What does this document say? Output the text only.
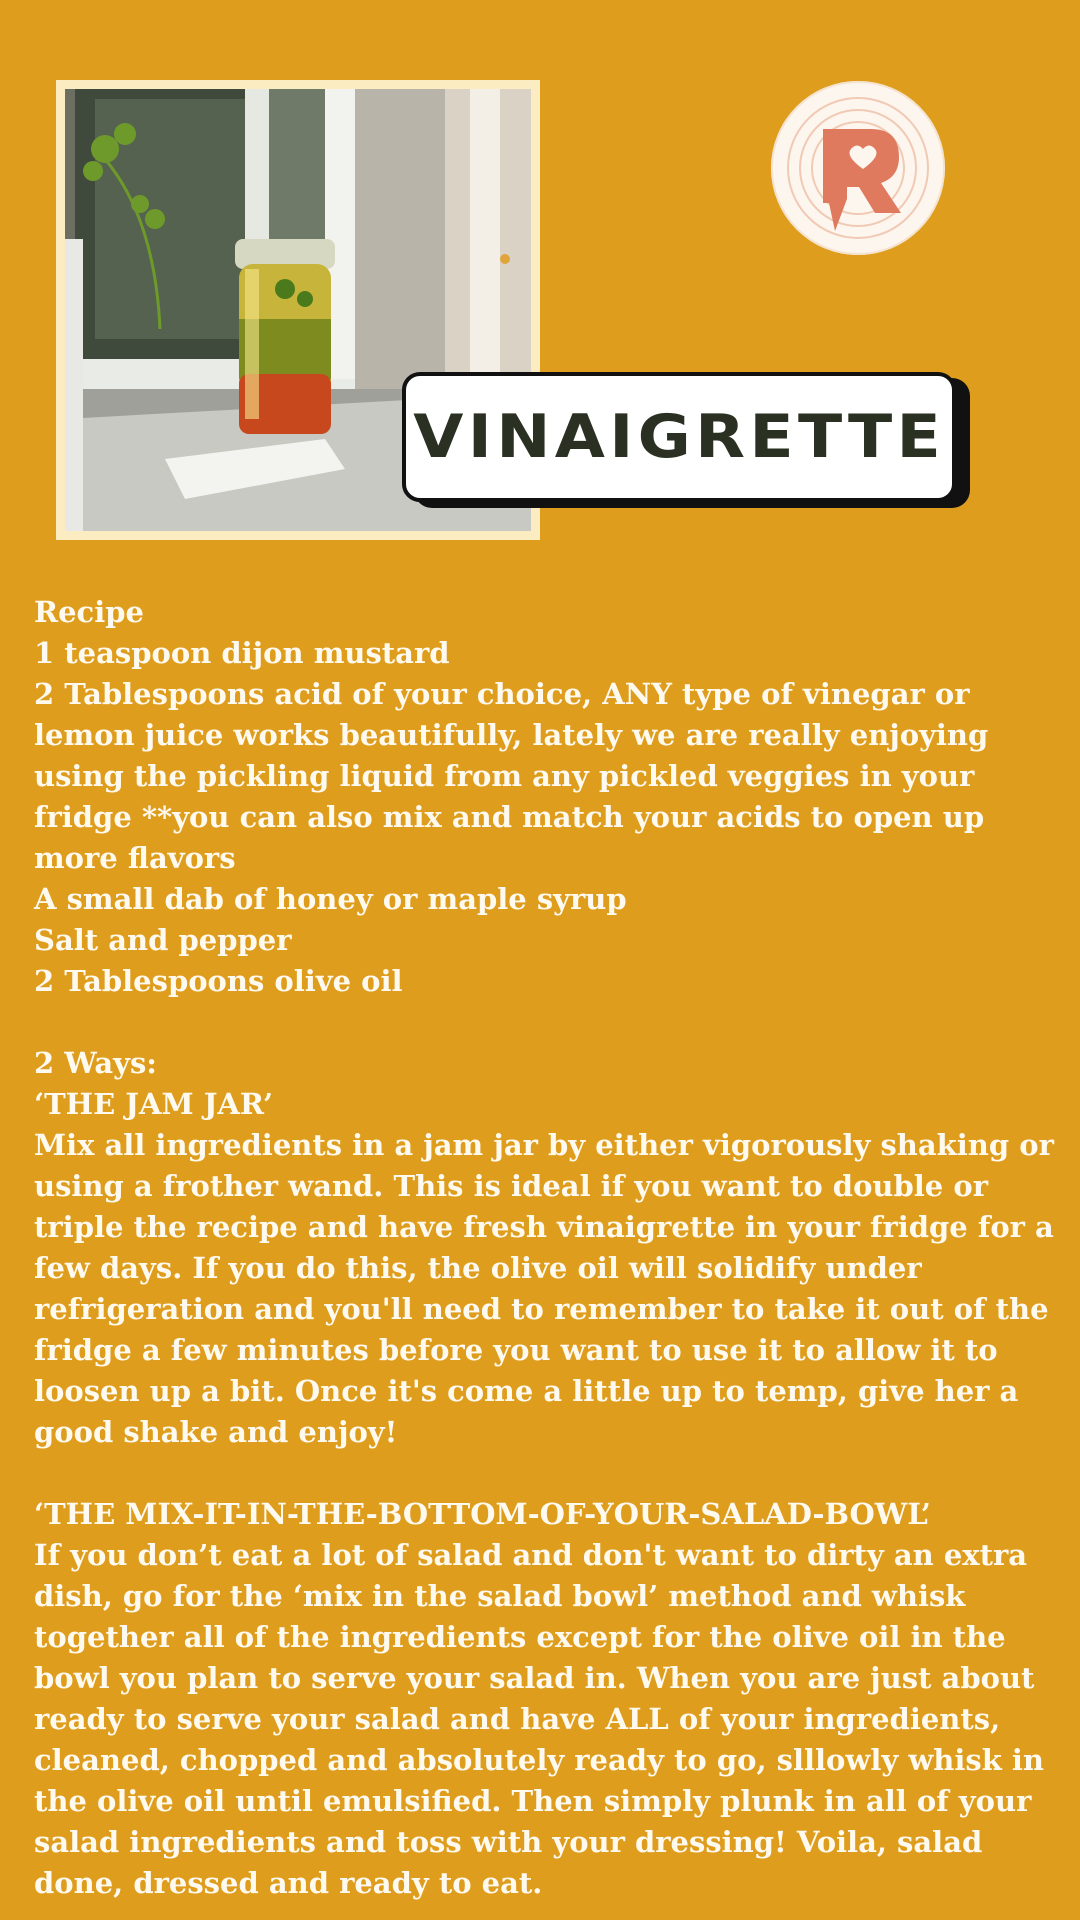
VINAIGRETTE

Recipe

1 teaspoon dijon mustard

2 Tablespoons acid of your choice, ANY type of vinegar or lemon juice works beautifully, lately we are really enjoying using the pickling liquid from any pickled veggies in your fridge **you can also mix and match your acids to open up more flavors

A small dab of honey or maple syrup

Salt and pepper

2 Tablespoons olive oil

2 Ways:

‘THE JAM JAR’

Mix all ingredients in a jam jar by either vigorously shaking or using a frother wand. This is ideal if you want to double or triple the recipe and have fresh vinaigrette in your fridge for a few days. If you do this, the olive oil will solidify under refrigeration and you'll need to remember to take it out of the fridge a few minutes before you want to use it to allow it to loosen up a bit. Once it's come a little up to temp, give her a good shake and enjoy!

‘THE MIX-IT-IN-THE-BOTTOM-OF-YOUR-SALAD-BOWL’

If you don’t eat a lot of salad and don't want to dirty an extra dish, go for the ‘mix in the salad bowl’ method and whisk together all of the ingredients except for the olive oil in the bowl you plan to serve your salad in. When you are just about ready to serve your salad and have ALL of your ingredients, cleaned, chopped and absolutely ready to go, slllowly whisk in the olive oil until emulsified. Then simply plunk in all of your salad ingredients and toss with your dressing! Voila, salad done, dressed and ready to eat.
